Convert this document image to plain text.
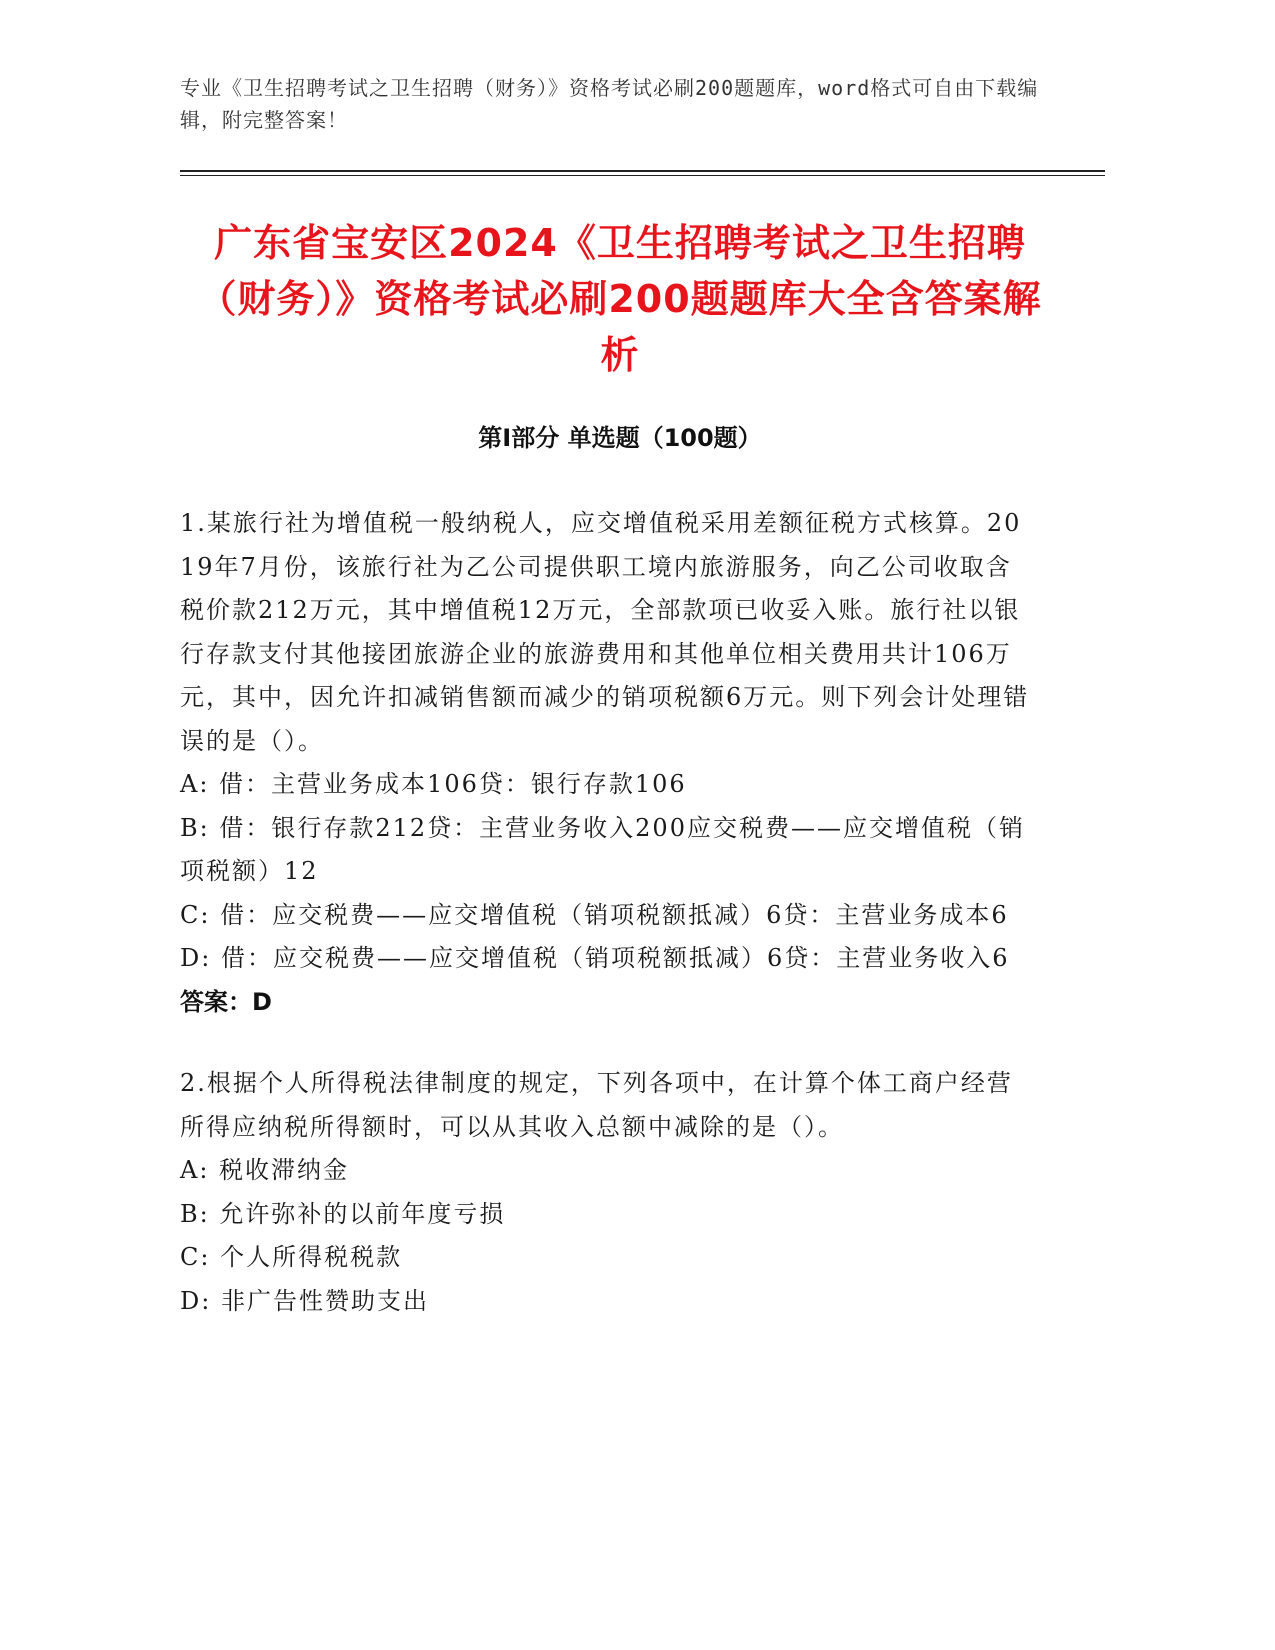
专业《卫生招聘考试之卫生招聘（财务）》资格考试必刷200题题库，word格式可自由下载编辑，附完整答案！
广东省宝安区2024《卫生招聘考试之卫生招聘（财务）》资格考试必刷200题题库大全含答案解析
第I部分 单选题（100题）
1.某旅行社为增值税一般纳税人，应交增值税采用差额征税方式核算。2019年7月份，该旅行社为乙公司提供职工境内旅游服务，向乙公司收取含税价款212万元，其中增值税12万元，全部款项已收妥入账。旅行社以银行存款支付其他接团旅游企业的旅游费用和其他单位相关费用共计106万元，其中，因允许扣减销售额而减少的销项税额6万元。则下列会计处理错误的是（）。
A: 借：主营业务成本106贷：银行存款106
B: 借：银行存款212贷：主营业务收入200应交税费——应交增值税（销项税额）12
C: 借：应交税费——应交增值税（销项税额抵减）6贷：主营业务成本6
D: 借：应交税费——应交增值税（销项税额抵减）6贷：主营业务收入6
答案：D
2.根据个人所得税法律制度的规定，下列各项中，在计算个体工商户经营所得应纳税所得额时，可以从其收入总额中减除的是（）。
A: 税收滞纳金
B: 允许弥补的以前年度亏损
C: 个人所得税税款
D: 非广告性赞助支出
